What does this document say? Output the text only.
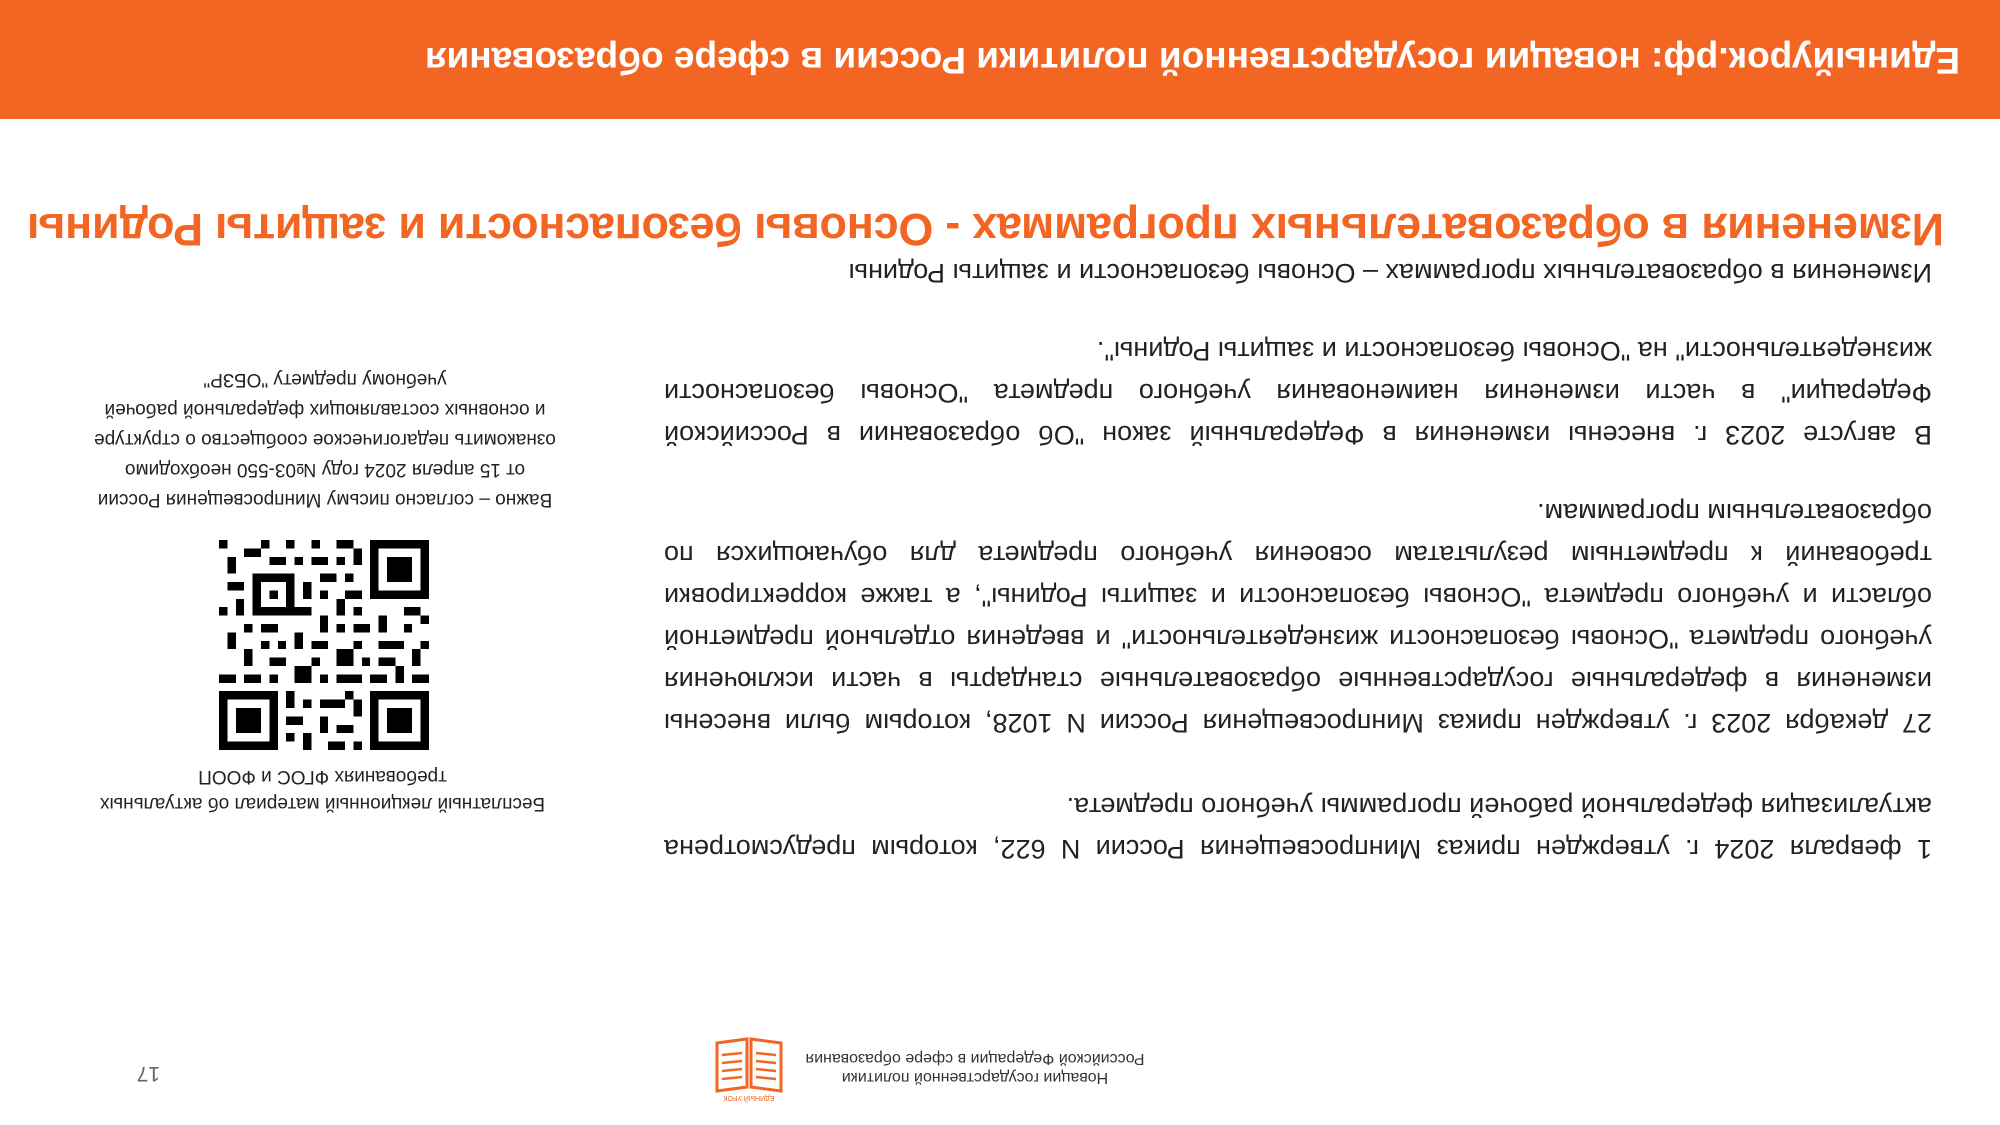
ЕДИНЫЙ УРОК
Новации государственной политики
Российской Федерации в сфере образования
17

1 февраля 2024 г. утвержден приказ Минпросвещения России N 622, которым предусмотрена актуализация федеральной рабочей программы учебного предмета.

27 декабря 2023 г. утвержден приказ Минпросвещения России N 1028, которым были внесены изменения в федеральные государственные образовательные стандарты в части исключения учебного предмета "Основы безопасности жизнедеятельности" и введения отдельной предметной области и учебного предмета "Основы безопасности и защиты Родины", а также корректировки требований к предметным результатам освоения учебного предмета для обучающихся по образовательным программам.

В августе 2023 г. внесены изменения в Федеральный закон "Об образовании в Российской Федерации" в части изменения наименования учебного предмета "Основы безопасности жизнедеятельности" на "Основы безопасности и защиты Родины".

Изменения в образовательных программах – Основы безопасности и защиты Родины

Бесплатный лекционный материал об актуальных требованиях ФГОС и ФООП
Важно – согласно письму Минпросвещения России от 15 апреля 2024 году №03-550 необходимо ознакомить педагогическое сообщество о структуре и основных составляющих федеральной рабочей учебному предмету "ОБЗР"
Изменения в образовательных программах - Основы безопасности и защиты Родины
Единыйурок.рф: новации государственной политики России в сфере образования
